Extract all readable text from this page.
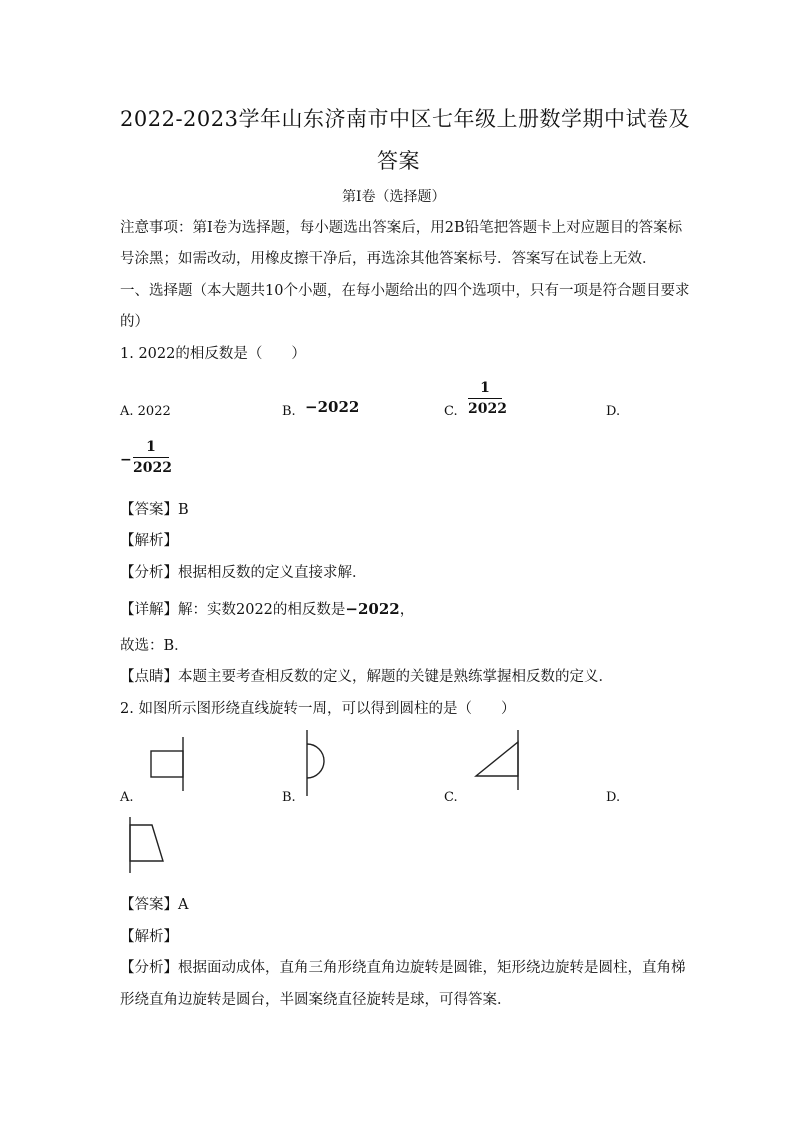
2022-2023学年山东济南市中区七年级上册数学期中试卷及
答案
第Ⅰ卷（选择题）
注意事项：第Ⅰ卷为选择题，每小题选出答案后，用2B铅笔把答题卡上对应题目的答案标
号涂黑；如需改动，用橡皮擦干净后，再选涂其他答案标号．答案写在试卷上无效．
一、选择题（本大题共10个小题，在每小题给出的四个选项中，只有一项是符合题目要求
的）
1. 2022的相反数是（　　）
A. 2022	B. −2022	C.
1
2022	D.
−
1
2022
【答案】B
【解析】
【分析】根据相反数的定义直接求解．
【详解】解：实数2022的相反数是−2022，
故选：B．
【点睛】本题主要考查相反数的定义，解题的关键是熟练掌握相反数的定义．
2. 如图所示图形绕直线旋转一周，可以得到圆柱的是（　　）
A.	B.	C.	D.
【答案】A
【解析】
【分析】根据面动成体，直角三角形绕直角边旋转是圆锥，矩形绕边旋转是圆柱，直角梯
形绕直角边旋转是圆台，半圆案绕直径旋转是球，可得答案．
